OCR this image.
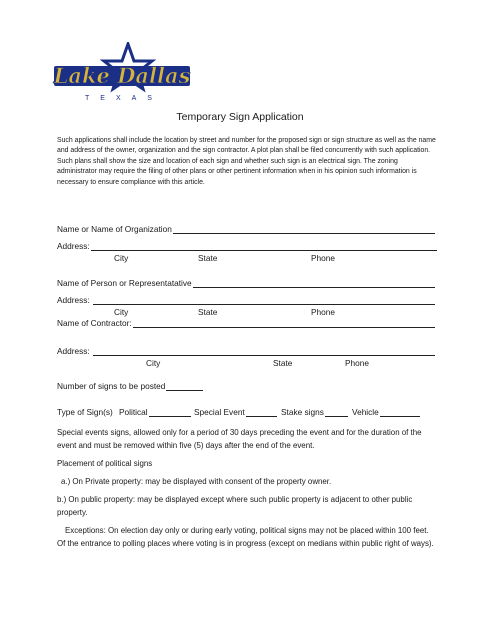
Lake Dallas
TEXAS
Temporary Sign Application
Such applications shall include the location by street and number for the proposed sign or sign structure as well as the name and address of the owner, organization and the sign contractor. A plot plan shall be filed concurrently with such application. Such plans shall show the size and location of each sign and whether such sign is an electrical sign. The zoning administrator may require the filing of other plans or other pertinent information when in his opinion such information is necessary to ensure compliance with this article.
Name or Name of Organization
Address:
City	State	Phone
Name of Person or Representatative
Address:
City	State	Phone
Name of Contractor:
Address:
City	State	Phone
Number of signs to be posted
Type of Sign(s) Political	Special Event	Stake signs	Vehicle
Special events signs, allowed only for a period of 30 days preceding the event and for the duration of the event and must be removed within five (5) days after the end of the event.
Placement of political signs
a.) On Private property: may be displayed with consent of the property owner.
b.) On public property: may be displayed except where such public property is adjacent to other public property.
Exceptions: On election day only or during early voting, political signs may not be placed within 100 feet. Of the entrance to polling places where voting is in progress (except on medians within public right of ways).
